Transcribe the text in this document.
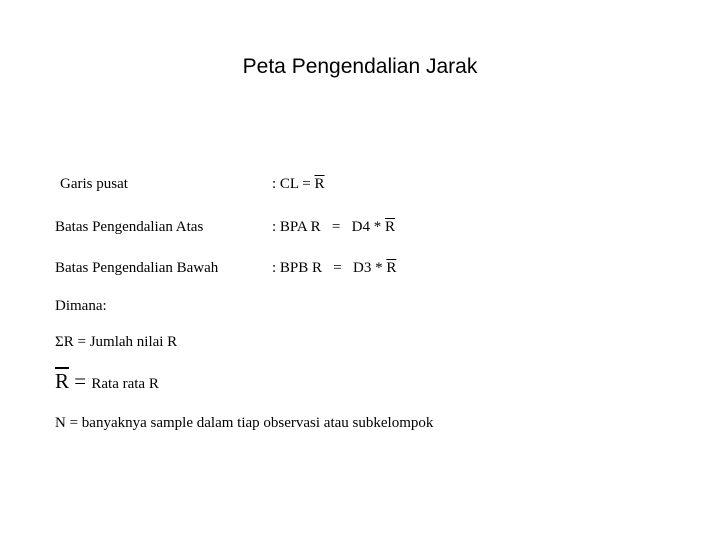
Peta Pengendalian Jarak
Garis pusat	: CL = $\overline{R}$
Batas Pengendalian Atas	: BPA $R = D4 * \overline{R}$
Batas Pengendalian Bawah	: BPB $R = D3 * \overline{R}$
Dimana:
ΣR = Jumlah nilai R
$\overline{R}$ = Rata rata R
N = banyaknya sample dalam tiap observasi atau subkelompok
